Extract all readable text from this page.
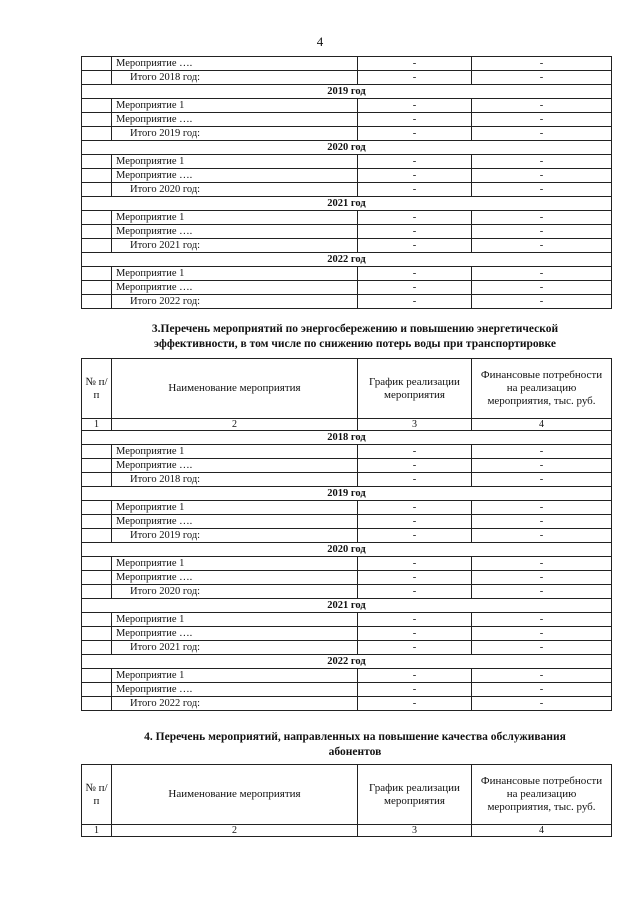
4
	Мероприятие ….	-	-
	Итого 2018 год:	-	-
2019 год			
	Мероприятие 1	-	-
	Мероприятие ….	-	-
	Итого 2019 год:	-	-
2020 год			
	Мероприятие 1	-	-
	Мероприятие ….	-	-
	Итого 2020 год:	-	-
2021 год			
	Мероприятие 1	-	-
	Мероприятие ….	-	-
	Итого 2021 год:	-	-
2022 год			
	Мероприятие 1	-	-
	Мероприятие ….	-	-
	Итого 2022 год:	-	-
3.Перечень мероприятий по энергосбережению и повышению энергетической
эффективности, в том числе по снижению потерь воды при транспортировке
№ п/п	Наименование мероприятия	График реализации мероприятия	Финансовые потребности на реализацию мероприятия, тыс. руб.
1	2	3	4
2018 год			
	Мероприятие 1	-	-
	Мероприятие ….	-	-
	Итого 2018 год:	-	-
2019 год			
	Мероприятие 1	-	-
	Мероприятие ….	-	-
	Итого 2019 год:	-	-
2020 год			
	Мероприятие 1	-	-
	Мероприятие ….	-	-
	Итого 2020 год:	-	-
2021 год			
	Мероприятие 1	-	-
	Мероприятие ….	-	-
	Итого 2021 год:	-	-
2022 год			
	Мероприятие 1	-	-
	Мероприятие ….	-	-
	Итого 2022 год:	-	-
4. Перечень мероприятий, направленных на повышение качества обслуживания
абонентов
№ п/п	Наименование мероприятия	График реализации мероприятия	Финансовые потребности на реализацию мероприятия, тыс. руб.
1	2	3	4
